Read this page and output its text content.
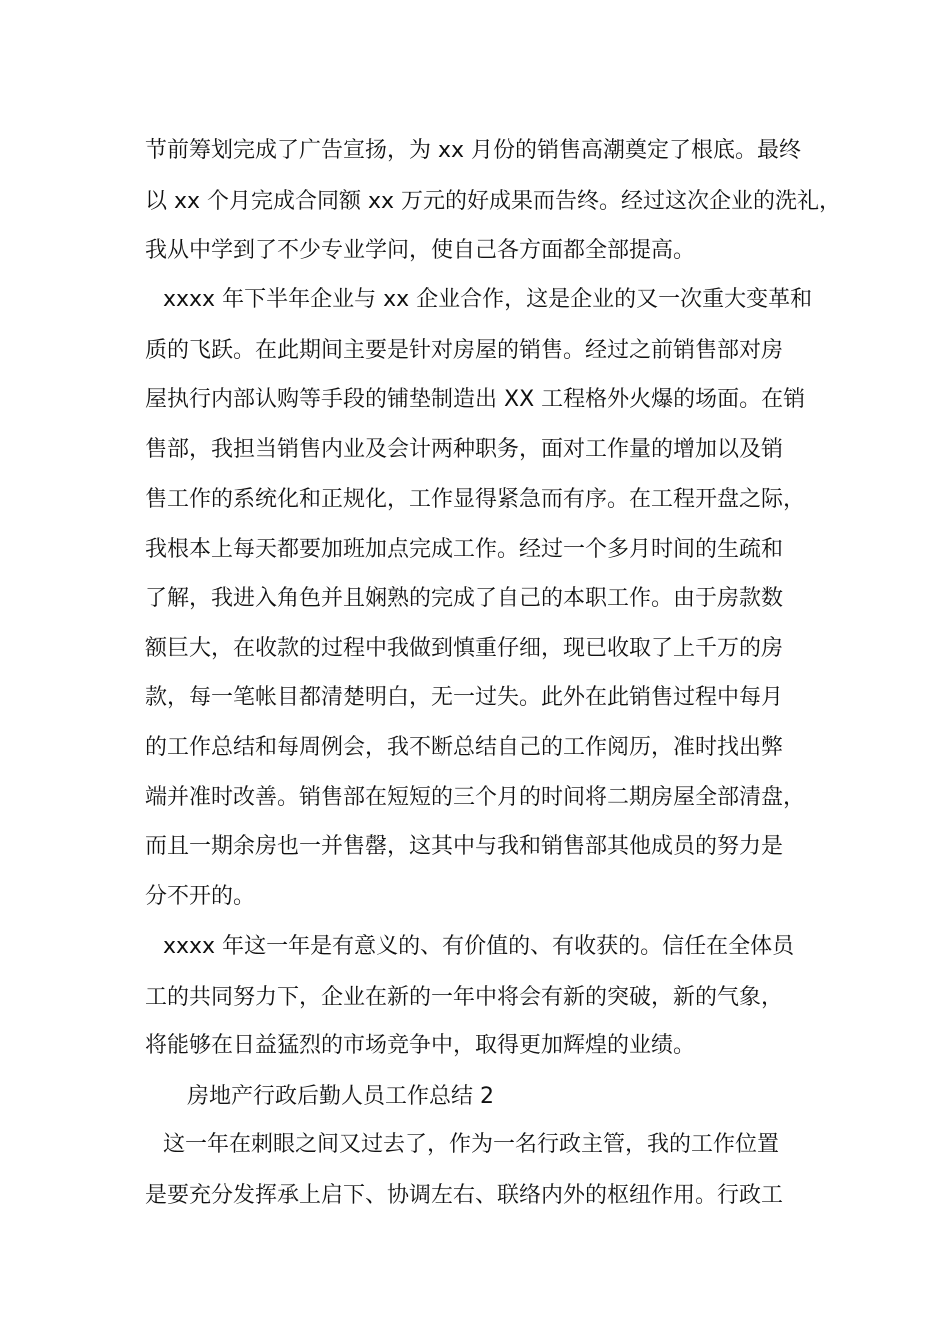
节前筹划完成了广告宣扬，为 xx 月份的销售高潮奠定了根底。最终

以 xx 个月完成合同额 xx 万元的好成果而告终。经过这次企业的洗礼，

我从中学到了不少专业学问，使自己各方面都全部提高。

xxxx 年下半年企业与 xx 企业合作，这是企业的又一次重大变革和

质的飞跃。在此期间主要是针对房屋的销售。经过之前销售部对房

屋执行内部认购等手段的铺垫制造出 XX 工程格外火爆的场面。在销

售部，我担当销售内业及会计两种职务，面对工作量的增加以及销

售工作的系统化和正规化，工作显得紧急而有序。在工程开盘之际，

我根本上每天都要加班加点完成工作。经过一个多月时间的生疏和

了解，我进入角色并且娴熟的完成了自己的本职工作。由于房款数

额巨大，在收款的过程中我做到慎重仔细，现已收取了上千万的房

款，每一笔帐目都清楚明白，无一过失。此外在此销售过程中每月

的工作总结和每周例会，我不断总结自己的工作阅历，准时找出弊

端并准时改善。销售部在短短的三个月的时间将二期房屋全部清盘，

而且一期余房也一并售罄，这其中与我和销售部其他成员的努力是

分不开的。

xxxx 年这一年是有意义的、有价值的、有收获的。信任在全体员

工的共同努力下，企业在新的一年中将会有新的突破，新的气象，

将能够在日益猛烈的市场竞争中，取得更加辉煌的业绩。

房地产行政后勤人员工作总结 2

这一年在刺眼之间又过去了，作为一名行政主管，我的工作位置

是要充分发挥承上启下、协调左右、联络内外的枢纽作用。行政工
